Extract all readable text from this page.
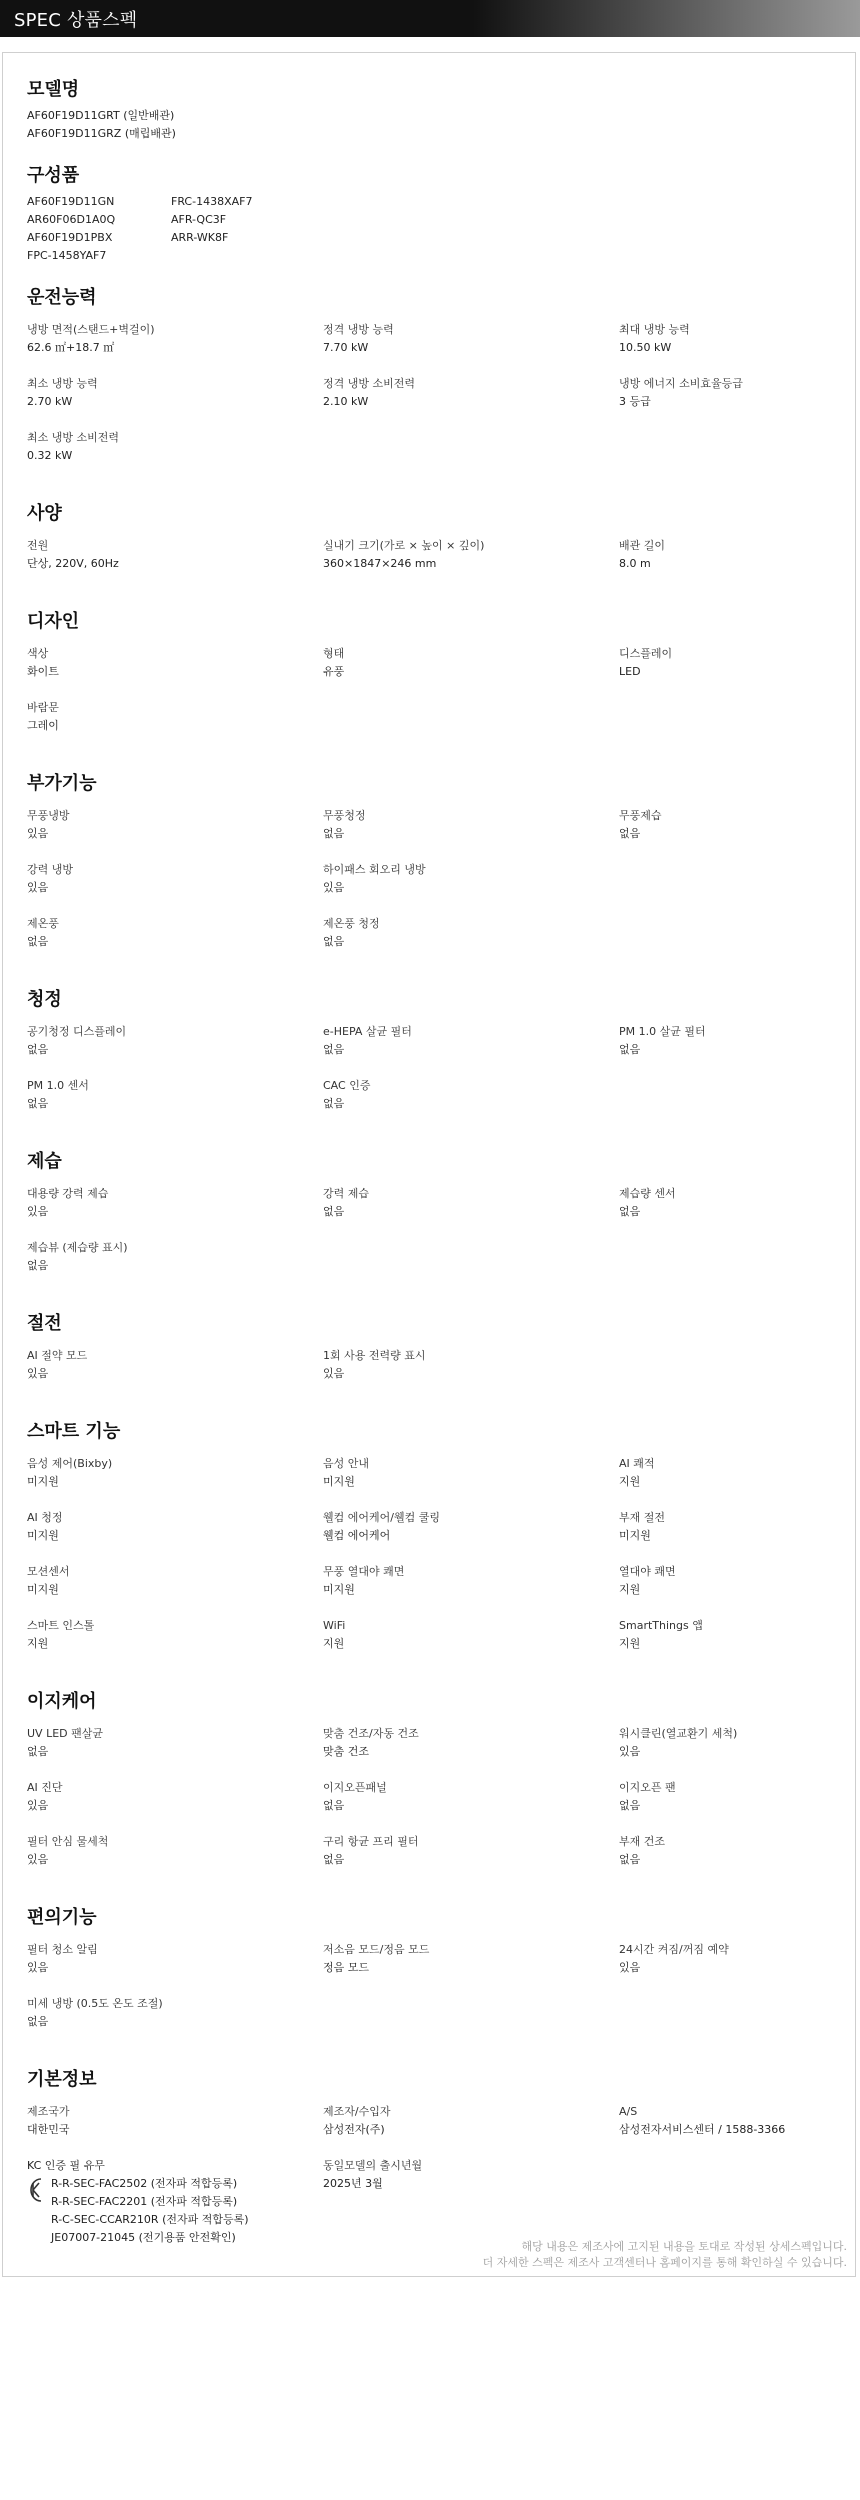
SPEC 상품스펙
모델명
AF60F19D11GRT (일반배관)
AF60F19D11GRZ (매립배관)
구성품
AF60F19D11GN
AR60F06D1A0Q
AF60F19D1PBX
FPC-1458YAF7
FRC-1438XAF7
AFR-QC3F
ARR-WK8F
운전능력
냉방 면적(스탠드+벽걸이)
62.6 ㎡+18.7 ㎡
정격 냉방 능력
7.70 kW
최대 냉방 능력
10.50 kW
최소 냉방 능력
2.70 kW
정격 냉방 소비전력
2.10 kW
냉방 에너지 소비효율등급
3 등급
최소 냉방 소비전력
0.32 kW
사양
전원
단상, 220V, 60Hz
실내기 크기(가로 × 높이 × 깊이)
360×1847×246 mm
배관 길이
8.0 m
디자인
색상
화이트
형태
유풍
디스플레이
LED
바람문
그레이
부가기능
무풍냉방
있음
무풍청정
없음
무풍제습
없음
강력 냉방
있음
하이패스 회오리 냉방
있음
제온풍
없음
제온풍 청정
없음
청정
공기청정 디스플레이
없음
e-HEPA 살균 필터
없음
PM 1.0 살균 필터
없음
PM 1.0 센서
없음
CAC 인증
없음
제습
대용량 강력 제습
있음
강력 제습
없음
제습량 센서
없음
제습뷰 (제습량 표시)
없음
절전
AI 절약 모드
있음
1회 사용 전력량 표시
있음
스마트 기능
음성 제어(Bixby)
미지원
음성 안내
미지원
AI 쾌적
지원
AI 청정
미지원
웰컴 에어케어/웰컴 쿨링
웰컴 에어케어
부재 절전
미지원
모션센서
미지원
무풍 열대야 쾌면
미지원
열대야 쾌면
지원
스마트 인스톨
지원
WiFi
지원
SmartThings 앱
지원
이지케어
UV LED 팬살균
없음
맞춤 건조/자동 건조
맞춤 건조
워시클린(열교환기 세척)
있음
AI 진단
있음
이지오픈패널
없음
이지오픈 팬
없음
필터 안심 물세척
있음
구리 항균 프리 필터
없음
부재 건조
없음
편의기능
필터 청소 알림
있음
저소음 모드/정음 모드
정음 모드
24시간 켜짐/꺼짐 예약
있음
미세 냉방 (0.5도 온도 조절)
없음
기본정보
제조국가
대한민국
제조자/수입자
삼성전자(주)
A/S
삼성전자서비스센터 / 1588-3366
KC 인증 필 유무
R-R-SEC-FAC2502 (전자파 적합등록)
R-R-SEC-FAC2201 (전자파 적합등록)
R-C-SEC-CCAR210R (전자파 적합등록)
JE07007-21045 (전기용품 안전확인)
동일모델의 출시년월
2025년 3월
해당 내용은 제조사에 고지된 내용을 토대로 작성된 상세스펙입니다.
더 자세한 스펙은 제조사 고객센터나 홈페이지를 통해 확인하실 수 있습니다.
